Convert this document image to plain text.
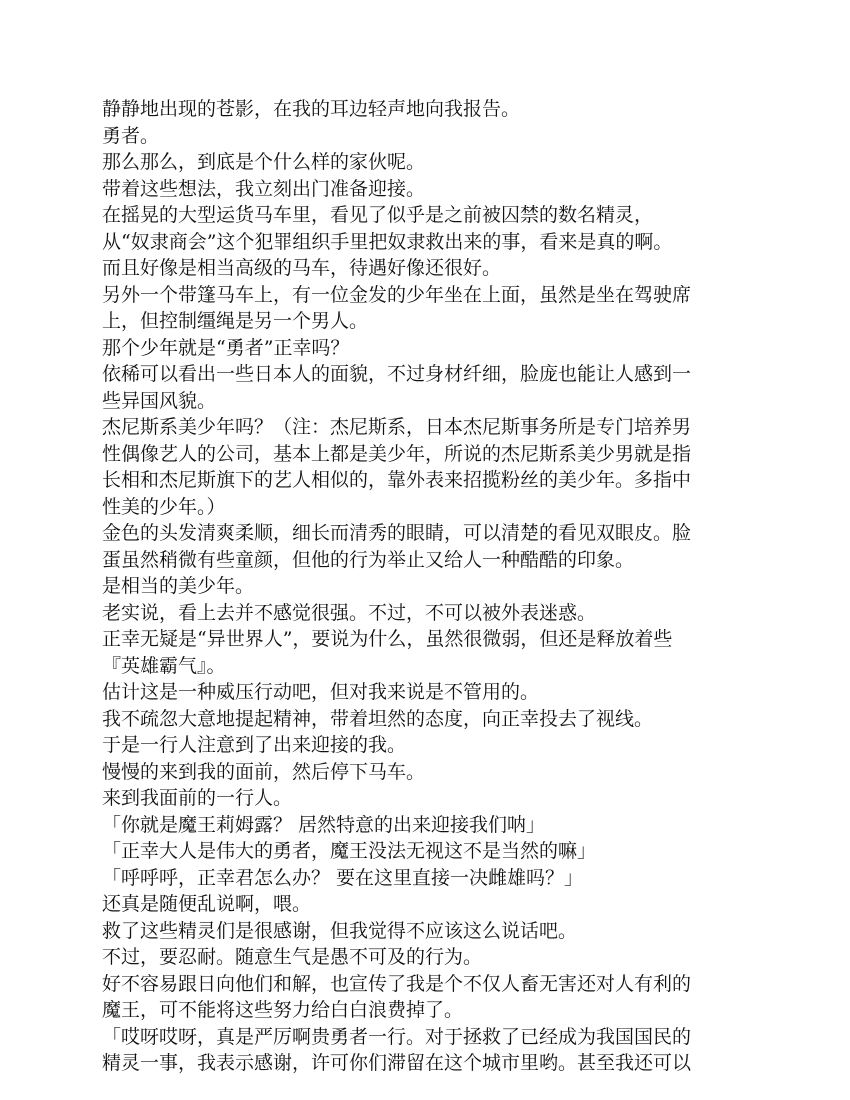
静静地出现的苍影，在我的耳边轻声地向我报告。
勇者。
那么那么，到底是个什么样的家伙呢。
带着这些想法，我立刻出门准备迎接。
在摇晃的大型运货马车里，看见了似乎是之前被囚禁的数名精灵，
从“奴隶商会”这个犯罪组织手里把奴隶救出来的事，看来是真的啊。
而且好像是相当高级的马车，待遇好像还很好。
另外一个带篷马车上，有一位金发的少年坐在上面，虽然是坐在驾驶席
上，但控制缰绳是另一个男人。
那个少年就是“勇者”正幸吗？
依稀可以看出一些日本人的面貌，不过身材纤细，脸庞也能让人感到一
些异国风貌。
杰尼斯系美少年吗？（注：杰尼斯系，日本杰尼斯事务所是专门培养男
性偶像艺人的公司，基本上都是美少年，所说的杰尼斯系美少男就是指
长相和杰尼斯旗下的艺人相似的，靠外表来招揽粉丝的美少年。多指中
性美的少年。）
金色的头发清爽柔顺，细长而清秀的眼睛，可以清楚的看见双眼皮。脸
蛋虽然稍微有些童颜，但他的行为举止又给人一种酷酷的印象。
是相当的美少年。
老实说，看上去并不感觉很强。不过，不可以被外表迷惑。
正幸无疑是“异世界人”，要说为什么，虽然很微弱，但还是释放着些
『英雄霸气』。
估计这是一种威压行动吧，但对我来说是不管用的。
我不疏忽大意地提起精神，带着坦然的态度，向正幸投去了视线。
于是一行人注意到了出来迎接的我。
慢慢的来到我的面前，然后停下马车。
来到我面前的一行人。
「你就是魔王莉姆露？ 居然特意的出来迎接我们呐」
「正幸大人是伟大的勇者，魔王没法无视这不是当然的嘛」
「呼呼呼，正幸君怎么办？ 要在这里直接一决雌雄吗？」
还真是随便乱说啊，喂。
救了这些精灵们是很感谢，但我觉得不应该这么说话吧。
不过，要忍耐。随意生气是愚不可及的行为。
好不容易跟日向他们和解，也宣传了我是个不仅人畜无害还对人有利的
魔王，可不能将这些努力给白白浪费掉了。
「哎呀哎呀，真是严厉啊贵勇者一行。对于拯救了已经成为我国国民的
精灵一事，我表示感谢，许可你们滞留在这个城市里哟。甚至我还可以
